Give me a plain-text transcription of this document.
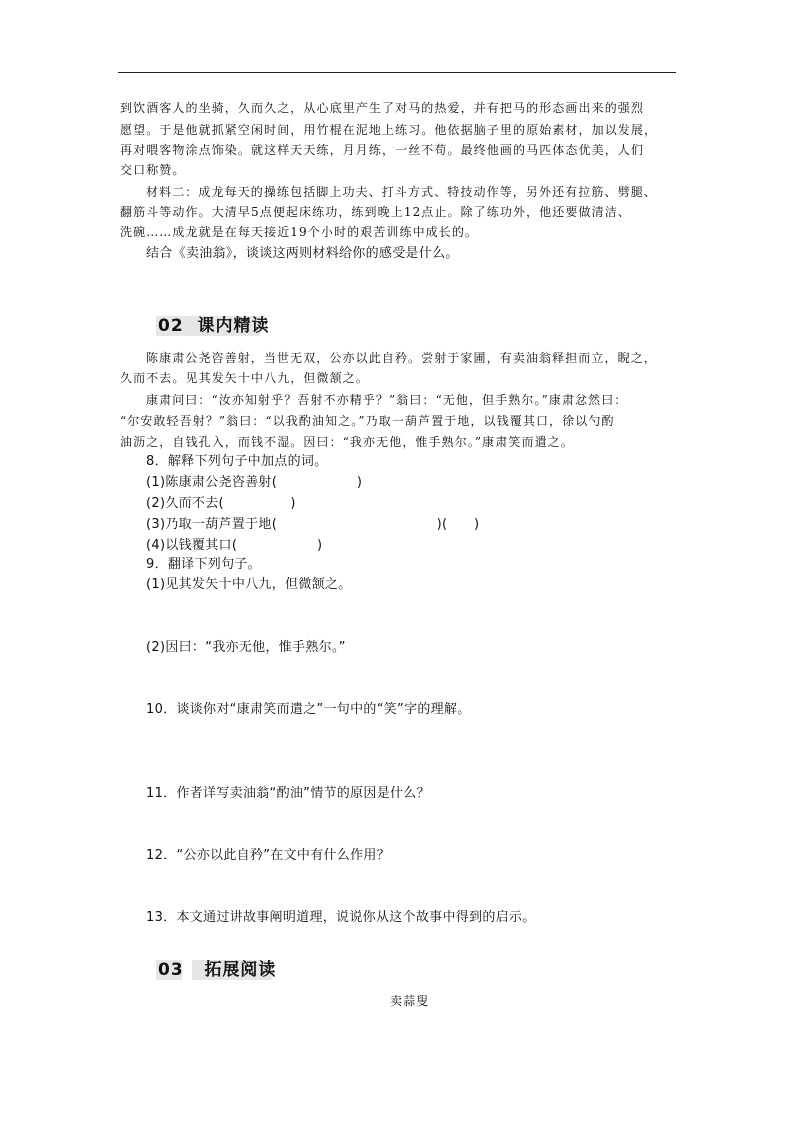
到饮酒客人的坐骑，久而久之，从心底里产生了对马的热爱，并有把马的形态画出来的强烈
愿望。于是他就抓紧空闲时间，用竹棍在泥地上练习。他依据脑子里的原始素材，加以发展，
再对喂客物涂点饰染。就这样天天练，月月练，一丝不苟。最终他画的马匹体态优美，人们
交口称赞。
材料二：成龙每天的操练包括脚上功夫、打斗方式、特技动作等，另外还有拉筋、劈腿、
翻筋斗等动作。大清早5点便起床练功，练到晚上12点止。除了练功外，他还要做清洁、
洗碗……成龙就是在每天接近19个小时的艰苦训练中成长的。
结合《卖油翁》，谈谈这两则材料给你的感受是什么。
02 课内精读
陈康肃公尧咨善射，当世无双，公亦以此自矜。尝射于家圃，有卖油翁释担而立，睨之，
久而不去。见其发矢十中八九，但微颔之。
康肃问曰：“汝亦知射乎？吾射不亦精乎？”翁曰：“无他，但手熟尔。”康肃忿然曰：
“尔安敢轻吾射？”翁曰：“以我酌油知之。”乃取一葫芦置于地，以钱覆其口，徐以勺酌
油沥之，自钱孔入，而钱不湿。因曰：“我亦无他，惟手熟尔。”康肃笑而遣之。
8．解释下列句子中加点的词。
(1)陈康肃公尧咨善射(　　　　　　)
(2)久而不去(　　　　　)
(3)乃取一葫芦置于地(　　　　　　　　　　　　)(　　)
(4)以钱覆其口(　　　　　　)
9．翻译下列句子。
(1)见其发矢十中八九，但微颔之。
(2)因曰：“我亦无他，惟手熟尔。”
10．谈谈你对“康肃笑而遣之”一句中的“笑”字的理解。
11．作者详写卖油翁“酌油”情节的原因是什么？
12．“公亦以此自矜”在文中有什么作用？
13．本文通过讲故事阐明道理，说说你从这个故事中得到的启示。
03 拓展阅读
卖蒜叟
